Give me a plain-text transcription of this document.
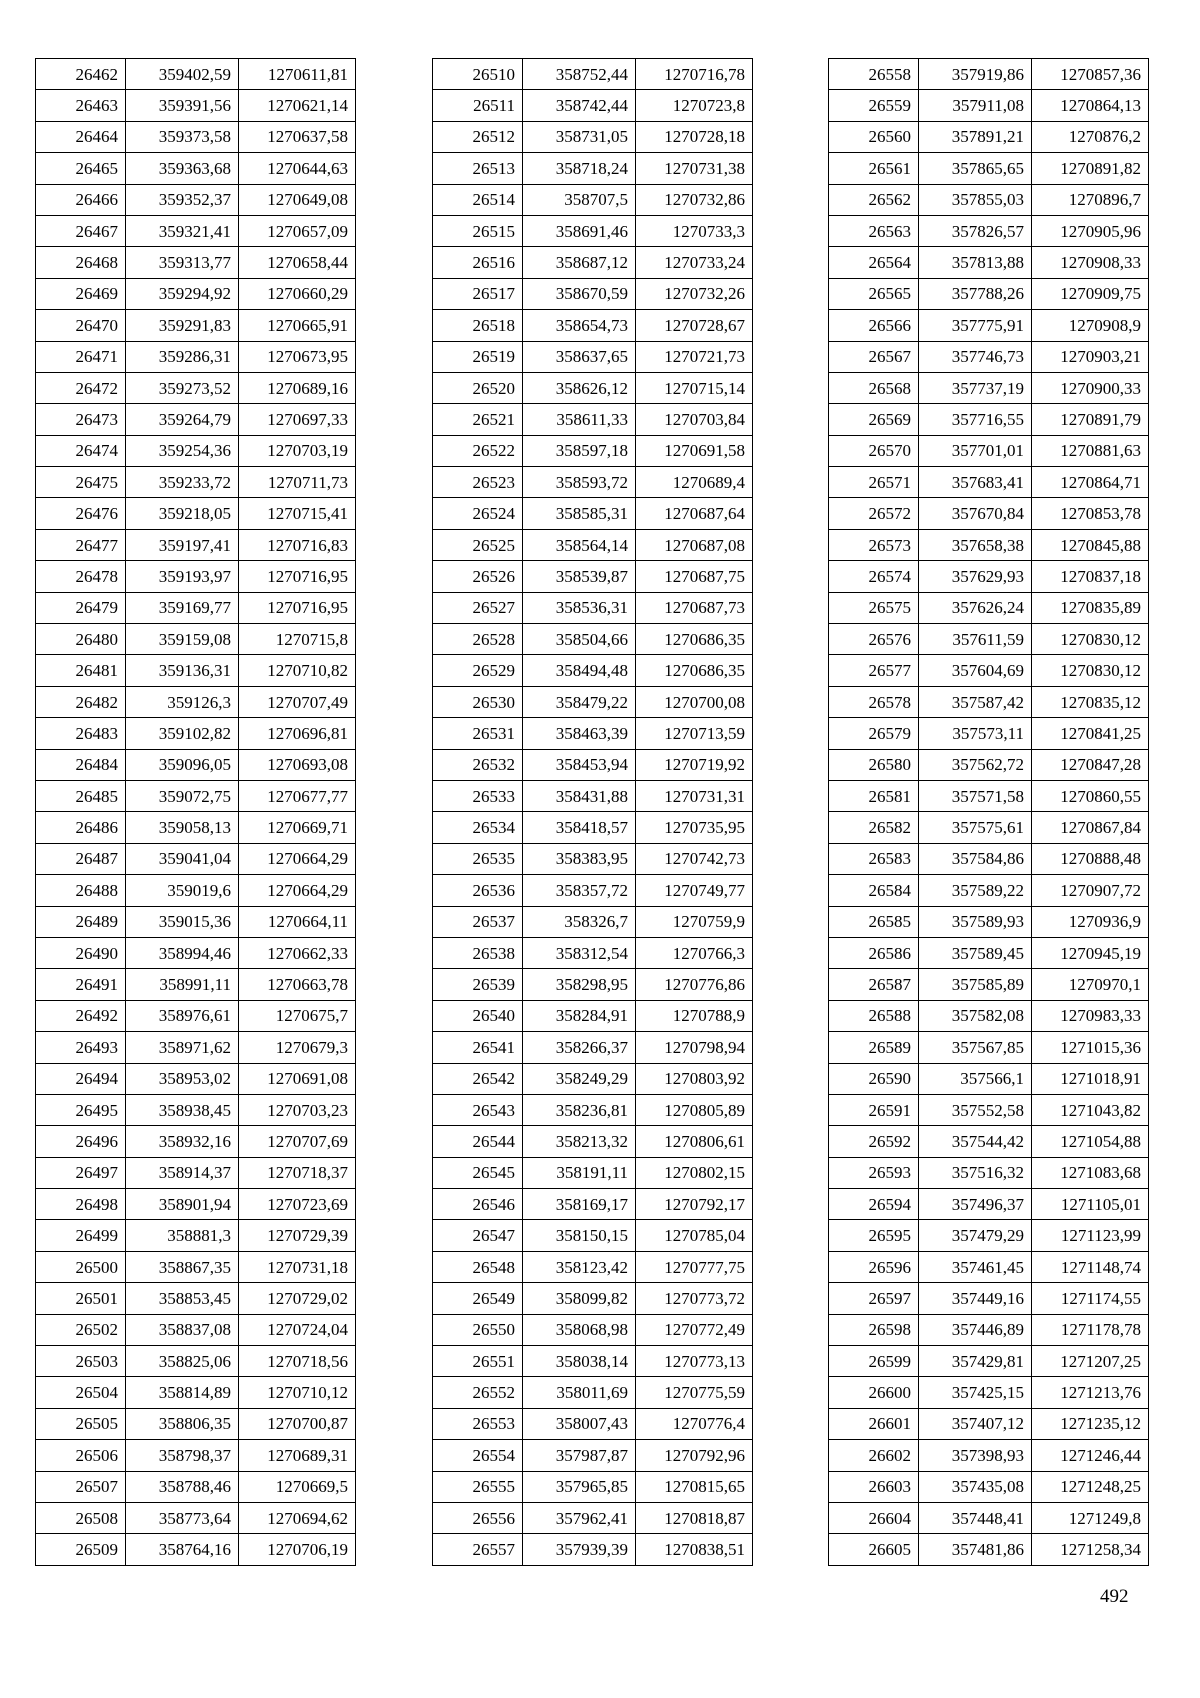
26462	359402,59	1270611,81
26463	359391,56	1270621,14
26464	359373,58	1270637,58
26465	359363,68	1270644,63
26466	359352,37	1270649,08
26467	359321,41	1270657,09
26468	359313,77	1270658,44
26469	359294,92	1270660,29
26470	359291,83	1270665,91
26471	359286,31	1270673,95
26472	359273,52	1270689,16
26473	359264,79	1270697,33
26474	359254,36	1270703,19
26475	359233,72	1270711,73
26476	359218,05	1270715,41
26477	359197,41	1270716,83
26478	359193,97	1270716,95
26479	359169,77	1270716,95
26480	359159,08	1270715,8
26481	359136,31	1270710,82
26482	359126,3	1270707,49
26483	359102,82	1270696,81
26484	359096,05	1270693,08
26485	359072,75	1270677,77
26486	359058,13	1270669,71
26487	359041,04	1270664,29
26488	359019,6	1270664,29
26489	359015,36	1270664,11
26490	358994,46	1270662,33
26491	358991,11	1270663,78
26492	358976,61	1270675,7
26493	358971,62	1270679,3
26494	358953,02	1270691,08
26495	358938,45	1270703,23
26496	358932,16	1270707,69
26497	358914,37	1270718,37
26498	358901,94	1270723,69
26499	358881,3	1270729,39
26500	358867,35	1270731,18
26501	358853,45	1270729,02
26502	358837,08	1270724,04
26503	358825,06	1270718,56
26504	358814,89	1270710,12
26505	358806,35	1270700,87
26506	358798,37	1270689,31
26507	358788,46	1270669,5
26508	358773,64	1270694,62
26509	358764,16	1270706,19
26510	358752,44	1270716,78
26511	358742,44	1270723,8
26512	358731,05	1270728,18
26513	358718,24	1270731,38
26514	358707,5	1270732,86
26515	358691,46	1270733,3
26516	358687,12	1270733,24
26517	358670,59	1270732,26
26518	358654,73	1270728,67
26519	358637,65	1270721,73
26520	358626,12	1270715,14
26521	358611,33	1270703,84
26522	358597,18	1270691,58
26523	358593,72	1270689,4
26524	358585,31	1270687,64
26525	358564,14	1270687,08
26526	358539,87	1270687,75
26527	358536,31	1270687,73
26528	358504,66	1270686,35
26529	358494,48	1270686,35
26530	358479,22	1270700,08
26531	358463,39	1270713,59
26532	358453,94	1270719,92
26533	358431,88	1270731,31
26534	358418,57	1270735,95
26535	358383,95	1270742,73
26536	358357,72	1270749,77
26537	358326,7	1270759,9
26538	358312,54	1270766,3
26539	358298,95	1270776,86
26540	358284,91	1270788,9
26541	358266,37	1270798,94
26542	358249,29	1270803,92
26543	358236,81	1270805,89
26544	358213,32	1270806,61
26545	358191,11	1270802,15
26546	358169,17	1270792,17
26547	358150,15	1270785,04
26548	358123,42	1270777,75
26549	358099,82	1270773,72
26550	358068,98	1270772,49
26551	358038,14	1270773,13
26552	358011,69	1270775,59
26553	358007,43	1270776,4
26554	357987,87	1270792,96
26555	357965,85	1270815,65
26556	357962,41	1270818,87
26557	357939,39	1270838,51
26558	357919,86	1270857,36
26559	357911,08	1270864,13
26560	357891,21	1270876,2
26561	357865,65	1270891,82
26562	357855,03	1270896,7
26563	357826,57	1270905,96
26564	357813,88	1270908,33
26565	357788,26	1270909,75
26566	357775,91	1270908,9
26567	357746,73	1270903,21
26568	357737,19	1270900,33
26569	357716,55	1270891,79
26570	357701,01	1270881,63
26571	357683,41	1270864,71
26572	357670,84	1270853,78
26573	357658,38	1270845,88
26574	357629,93	1270837,18
26575	357626,24	1270835,89
26576	357611,59	1270830,12
26577	357604,69	1270830,12
26578	357587,42	1270835,12
26579	357573,11	1270841,25
26580	357562,72	1270847,28
26581	357571,58	1270860,55
26582	357575,61	1270867,84
26583	357584,86	1270888,48
26584	357589,22	1270907,72
26585	357589,93	1270936,9
26586	357589,45	1270945,19
26587	357585,89	1270970,1
26588	357582,08	1270983,33
26589	357567,85	1271015,36
26590	357566,1	1271018,91
26591	357552,58	1271043,82
26592	357544,42	1271054,88
26593	357516,32	1271083,68
26594	357496,37	1271105,01
26595	357479,29	1271123,99
26596	357461,45	1271148,74
26597	357449,16	1271174,55
26598	357446,89	1271178,78
26599	357429,81	1271207,25
26600	357425,15	1271213,76
26601	357407,12	1271235,12
26602	357398,93	1271246,44
26603	357435,08	1271248,25
26604	357448,41	1271249,8
26605	357481,86	1271258,34
492
